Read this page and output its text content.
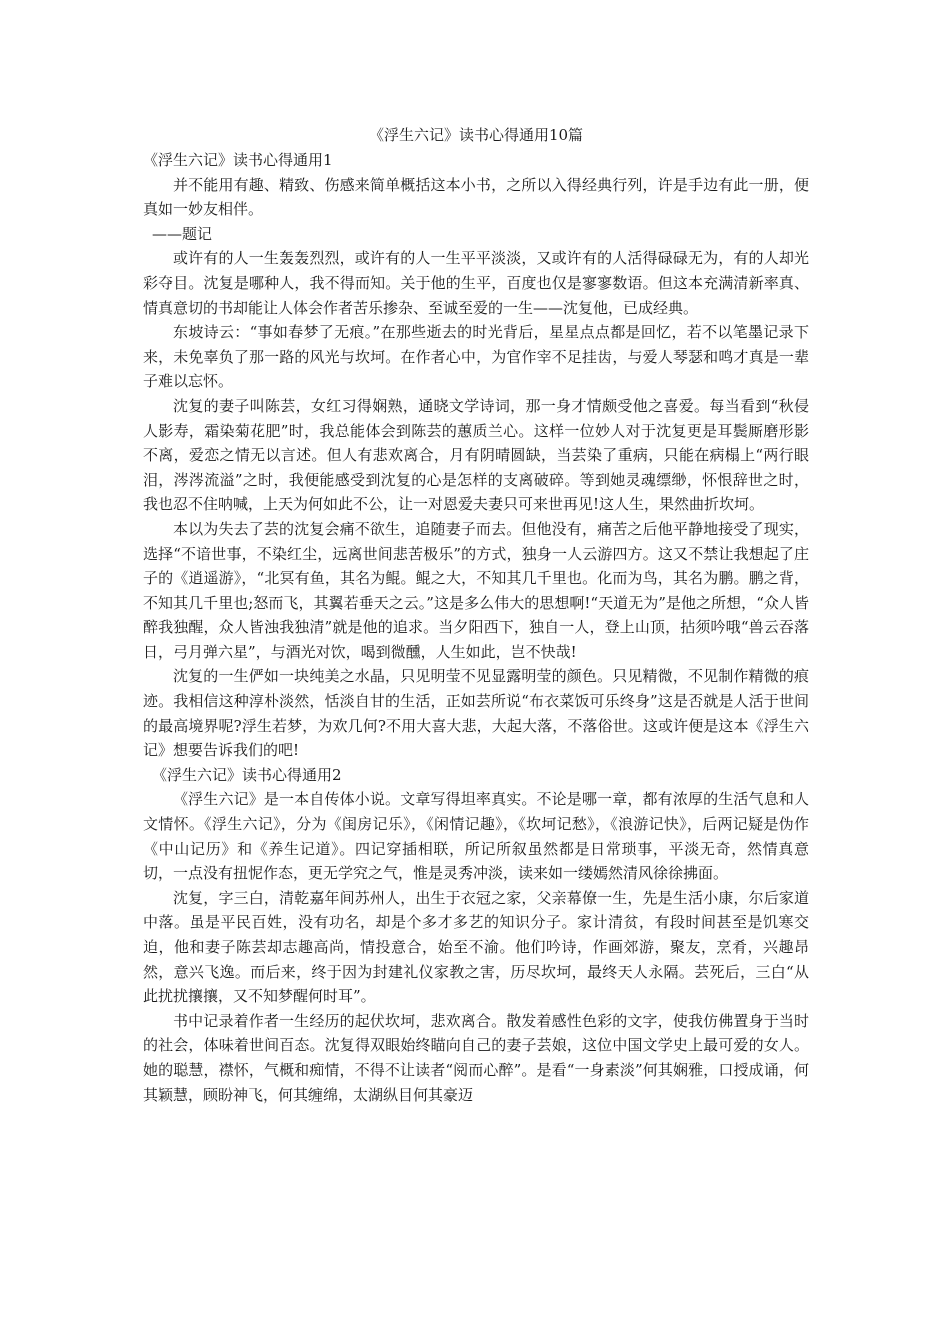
《浮生六记》读书心得通用10篇

《浮生六记》读书心得通用1

并不能用有趣、精致、伤感来简单概括这本小书，之所以入得经典行列，许是手边有此一册，便真如一妙友相伴。

——题记

或许有的人一生轰轰烈烈，或许有的人一生平平淡淡，又或许有的人活得碌碌无为，有的人却光彩夺目。沈复是哪种人，我不得而知。关于他的生平，百度也仅是寥寥数语。但这本充满清新率真、情真意切的书却能让人体会作者苦乐掺杂、至诚至爱的一生——沈复他，已成经典。

东坡诗云：“事如春梦了无痕。”在那些逝去的时光背后，星星点点都是回忆，若不以笔墨记录下来，未免辜负了那一路的风光与坎坷。在作者心中，为官作宰不足挂齿，与爱人琴瑟和鸣才真是一辈子难以忘怀。

沈复的妻子叫陈芸，女红习得娴熟，通晓文学诗词，那一身才情颇受他之喜爱。每当看到“秋侵人影寿，霜染菊花肥”时，我总能体会到陈芸的蕙质兰心。这样一位妙人对于沈复更是耳鬓厮磨形影不离，爱恋之情无以言述。但人有悲欢离合，月有阴晴圆缺，当芸染了重病，只能在病榻上“两行眼泪，涔涔流溢”之时，我便能感受到沈复的心是怎样的支离破碎。等到她灵魂缥缈，怀恨辞世之时，我也忍不住呐喊，上天为何如此不公，让一对恩爱夫妻只可来世再见!这人生，果然曲折坎坷。

本以为失去了芸的沈复会痛不欲生，追随妻子而去。但他没有，痛苦之后他平静地接受了现实，选择“不谙世事，不染红尘，远离世间悲苦极乐”的方式，独身一人云游四方。这又不禁让我想起了庄子的《逍遥游》，“北冥有鱼，其名为鲲。鲲之大，不知其几千里也。化而为鸟，其名为鹏。鹏之背，不知其几千里也;怒而飞，其翼若垂天之云。”这是多么伟大的思想啊!“天道无为”是他之所想，“众人皆醉我独醒，众人皆浊我独清”就是他的追求。当夕阳西下，独自一人，登上山顶，拈须吟哦“兽云吞落日，弓月弹六星”，与酒光对饮，喝到微醺，人生如此，岂不快哉!

沈复的一生俨如一块纯美之水晶，只见明莹不见显露明莹的颜色。只见精微，不见制作精微的痕迹。我相信这种淳朴淡然，恬淡自甘的生活，正如芸所说“布衣菜饭可乐终身”这是否就是人活于世间的最高境界呢?浮生若梦，为欢几何?不用大喜大悲，大起大落，不落俗世。这或许便是这本《浮生六记》想要告诉我们的吧!

《浮生六记》读书心得通用2

《浮生六记》是一本自传体小说。文章写得坦率真实。不论是哪一章，都有浓厚的生活气息和人文情怀。《浮生六记》，分为《闺房记乐》，《闲情记趣》，《坎坷记愁》，《浪游记快》，后两记疑是伪作《中山记历》和《养生记道》。四记穿插相联，所记所叙虽然都是日常琐事，平淡无奇，然情真意切，一点没有扭怩作态，更无学究之气，惟是灵秀冲淡，读来如一缕嫣然清风徐徐拂面。

沈复，字三白，清乾嘉年间苏州人，出生于衣冠之家，父亲幕僚一生，先是生活小康，尔后家道中落。虽是平民百姓，没有功名，却是个多才多艺的知识分子。家计清贫，有段时间甚至是饥寒交迫，他和妻子陈芸却志趣高尚，情投意合，始至不渝。他们吟诗，作画郊游，聚友，烹肴，兴趣昂然，意兴飞逸。而后来，终于因为封建礼仪家教之害，历尽坎坷，最终天人永隔。芸死后，三白“从此扰扰攘攘，又不知梦醒何时耳”。

书中记录着作者一生经历的起伏坎坷，悲欢离合。散发着感性色彩的文字，使我仿佛置身于当时的社会，体味着世间百态。沈复得双眼始终瞄向自己的妻子芸娘，这位中国文学史上最可爱的女人。她的聪慧，襟怀，气概和痴情，不得不让读者“阅而心醉”。是看“一身素淡”何其娴雅，口授成诵，何其颖慧，顾盼神飞，何其缠绵，太湖纵目何其豪迈
